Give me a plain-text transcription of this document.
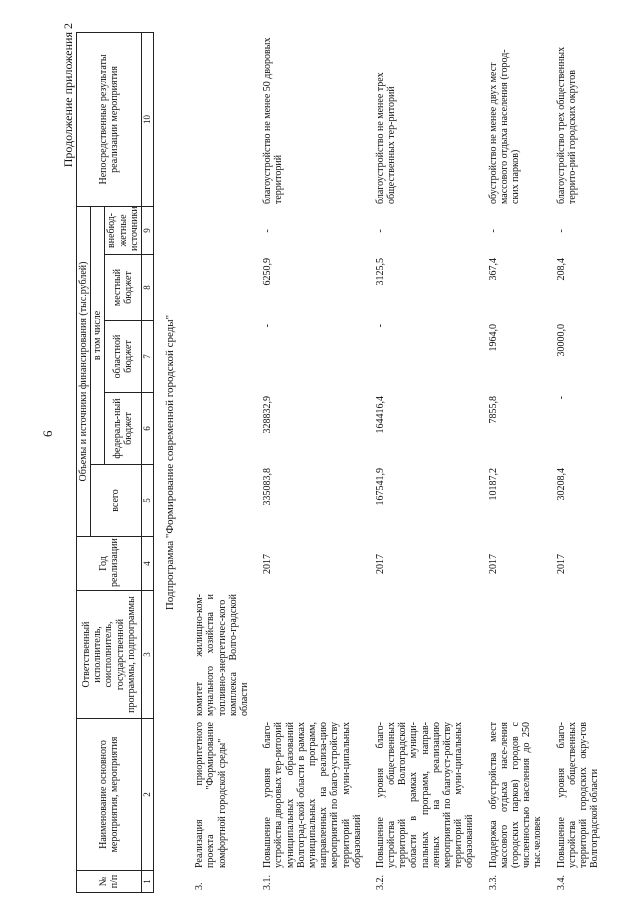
6
Продолжение приложения 2
№ п/п	Наименование основного мероприятия, мероприятия	Ответственный исполнитель, соисполнитель, государственной программы, подпрограммы	Год реализации	Объемы и источники финансирования (тыс.рублей)					Непосредственные результаты реализации мероприятия
				всего	в том числе				
					федераль-ный бюджет	областной бюджет	местный бюджет	внебюд-жетные источники	
1	2	3	4	5	6	7	8	9	10
Подпрограмма "Формирование современной городской среды"									
3.	Реализация приоритетного проекта "Формирование комфортной городской среды"	комитет жилищно-ком-мунального хозяйства и топливно-энергетичес-кого комплекса Волго-градской области							
3.1.	Повышение уровня благо-устройства дворовых тер-риторий муниципальных образований Волгоград-ской области в рамках муниципальных программ, направленных на реализа-цию мероприятий по благо-устройству территорий муни-ципальных образований		2017	335083,8	328832,9	-	6250,9	-	благоустройство не менее 50 дворовых территорий
3.2.	Повышение уровня благо-устройства общественных территорий Волгоградской области в рамках муници-пальных программ, направ-ленных на реализацию мероприятий по благоуст-ройству территорий муни-ципальных образований		2017	167541,9	164416,4	-	3125,5	-	благоустройство не менее трех общественных тер-риторий
3.3.	Поддержка обустройства мест массового отдыха насе-ления (городских парков) городов с численностью населения до 250 тыс.человек		2017	10187,2	7855,8	1964,0	367,4	-	обустройство не менее двух мест массового отдыха населения (город-ских парков)
3.4.	Повышение уровня благо-устройства общественных территорий городских окру-гов Волгоградской области		2017	30208,4	-	30000,0	208,4	-	благоустройство трех общественных террито-рий городских округов
